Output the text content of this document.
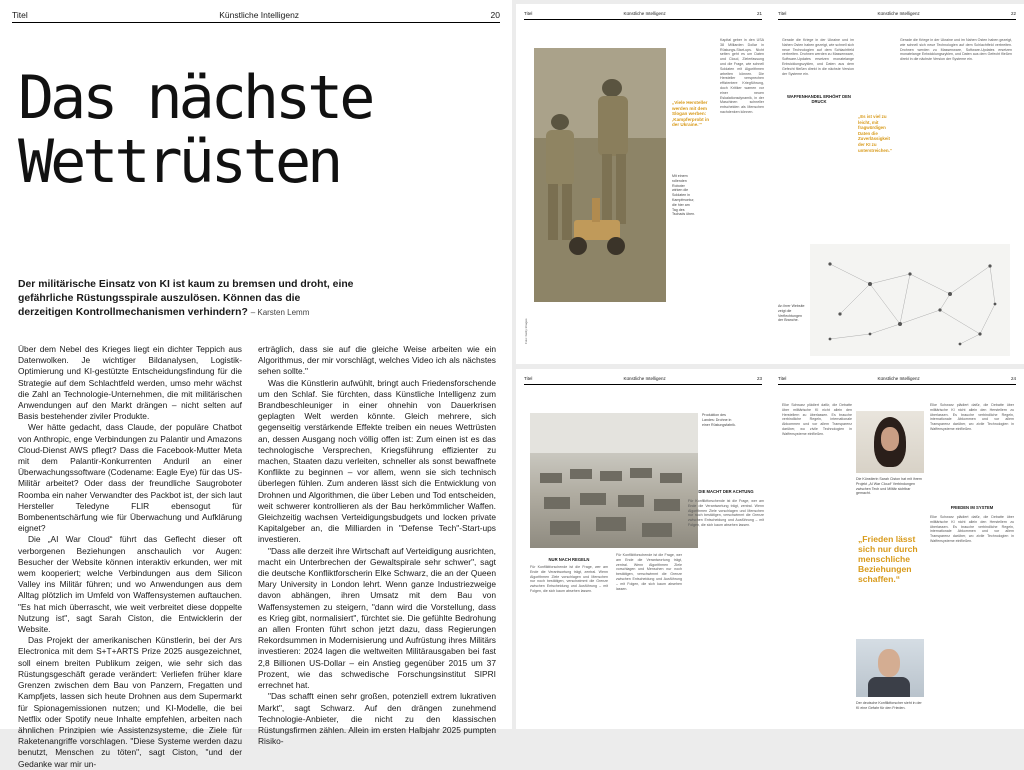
Titel	Künstliche Intelligenz	20
Das nächste
Wettrüsten
Der militärische Einsatz von KI ist kaum zu bremsen und droht, eine gefährliche Rüstungsspirale auszulösen. Können das die derzeitigen Kontrollmechanismen verhindern? – Karsten Lemm

Über dem Nebel des Krieges liegt ein dichter Teppich aus Datenwolken. Je wichtiger Bildanalysen, Logistik-Optimierung und KI-gestützte Entscheidungsfindung für die Strategie auf dem Schlachtfeld werden, umso mehr wächst die Zahl an Technologie-Unternehmen, die mit militärischen Anwendungen auf den Markt drängen – nicht selten auf Basis bestehender ziviler Produkte.

Wer hätte gedacht, dass Claude, der populäre Chatbot von Anthropic, enge Verbindungen zu Palantir und Amazons Cloud-Dienst AWS pflegt? Dass die Facebook-Mutter Meta mit dem Palantir-Konkurrenten Anduril an einer Überwachungssoftware (Codename: Eagle Eye) für das US-Militär arbeitet? Oder dass der freundliche Saugroboter Roomba ein naher Verwandter des Packbot ist, der sich laut Hersteller Teledyne FLIR ebensogut für Bombenentschärfung wie für Überwachung und Aufklärung eignet?

Die „AI War Cloud“ führt das Geflecht dieser oft verborgenen Beziehungen anschaulich vor Augen: Besucher der Website können interaktiv erkunden, wer mit wem kooperiert; welche Verbindungen aus dem Silicon Valley ins Militär führen; und wo Anwendungen aus dem Alltag plötzlich im Umfeld von Waffensystemen auftauchen. "Es hat mich überrascht, wie weit verbreitet diese doppelte Nutzung ist", sagt Sarah Ciston, die Entwicklerin der Website.

Das Projekt der amerikanischen Künstlerin, bei der Ars Electronica mit dem S+T+ARTS Prize 2025 ausgezeichnet, soll einem breiten Publikum zeigen, wie sehr sich das Rüstungsgeschäft gerade verändert: Verliefen früher klare Grenzen zwischen dem Bau von Panzern, Fregatten und Kampfjets, lassen sich heute Drohnen aus dem Supermarkt für Spionagemissionen nutzen; und KI-Modelle, die bei Netflix oder Spotify neue Inhalte empfehlen, arbeiten nach ähnlichen Prinzipien wie Assistenzsysteme, die Ziele für Raketenangriffe vorschlagen. "Diese Systeme werden dazu benutzt, Menschen zu töten", sagt Ciston, "und der Gedanke war mir un-

erträglich, dass sie auf die gleiche Weise arbeiten wie ein Algorithmus, der mir vorschlägt, welches Video ich als nächstes sehen sollte."

Was die Künstlerin aufwühlt, bringt auch Friedensforschende um den Schlaf. Sie fürchten, dass Künstliche Intelligenz zum Brandbeschleuniger in einer ohnehin von Dauerkrisen geplagten Welt werden könnte. Gleich mehrere, sich gegenseitig verstärkende Effekte treiben ein neues Wettrüsten an, dessen Ausgang noch völlig offen ist: Zum einen ist es das technologische Versprechen, Kriegsführung effizienter zu machen, Staaten dazu verleiten, schneller als sonst bewaffnete Konflikte zu beginnen – vor allem, wenn sie sich technisch überlegen fühlen. Zum anderen lässt sich die Entwicklung von Drohnen und Algorithmen, die über Leben und Tod entscheiden, weit schwerer kontrollieren als der Bau herkömmlicher Waffen. Gleichzeitig wachsen Verteidigungsbudgets und locken private Kapitalgeber an, die Milliarden in "Defense Tech"-Start-ups investieren.

"Dass alle derzeit ihre Wirtschaft auf Verteidigung ausrichten, macht ein Unterbrechen der Gewaltspirale sehr schwer", sagt die deutsche Konfliktforscherin Elke Schwarz, die an der Queen Mary University in London lehrt. Wenn ganze Industriezweige davon abhängen, ihren Umsatz mit dem Bau von Waffensystemen zu steigern, "dann wird die Vorstellung, dass es Krieg gibt, normalisiert", fürchtet sie. Die gefühlte Bedrohung an allen Fronten führt schon jetzt dazu, dass Regierungen Rekordsummen in Modernisierung und Aufrüstung ihres Militärs investieren: 2024 lagen die weltweiten Militärausgaben bei fast 2,8 Billionen US-Dollar – ein Anstieg gegenüber 2015 um 37 Prozent, wie das schwedische Forschungsinstitut SIPRI errechnet hat.

"Das schafft einen sehr großen, potenziell extrem lukrativen Markt", sagt Schwarz. Auf den drängen zunehmend Technologie-Anbieter, die nicht zu den klassischen Rüstungsfirmen zählen. Allein im ersten Halbjahr 2025 pumpten Risiko-

Titel	Künstliche Intelligenz	21
Mit einem rollenden Roboter wirken die Soldaten in Kampfmontur, die hier am Tag des Tschads üben.
„Viele Hersteller werden mit dem Slogan werben: ‚Kampferprobt in der Ukraine.‘“
Foto: Getty Images
Kapital geber in den USA 38 Milliarden Dollar in Rüstungs-Start-ups. Nicht selten geht es um Daten und Cloud, Zielerfassung und die Frage, wie schnell Soldaten mit Algorithmen arbeiten können. Die Hersteller versprechen effizientere Kriegführung, doch Kritiker warnen vor einer neuen Eskalationsdynamik, in der Maschinen schneller entscheiden als Menschen nachdenken können.
Titel	Künstliche Intelligenz	22
Gerade die Kriege in der Ukraine und im Nahen Osten haben gezeigt, wie schnell sich neue Technologien auf dem Schlachtfeld verbreiten. Drohnen werden zu Massenware, Software-Updates ersetzen monatelange Entwicklungszyklen, und Daten aus dem Gefecht fließen direkt in die nächste Version der Systeme ein.
„Es ist viel zu leicht, mit fragwürdigen Daten die Zuverlässigkeit der KI zu unterstreichen.“
WAFFENHANDEL ERHÖHT DEN DRUCK
Gerade die Kriege in der Ukraine und im Nahen Osten haben gezeigt, wie schnell sich neue Technologien auf dem Schlachtfeld verbreiten. Drohnen werden zu Massenware, Software-Updates ersetzen monatelange Entwicklungszyklen, und Daten aus dem Gefecht fließen direkt in die nächste Version der Systeme ein.
An ihrer Website zeigt die Verflechtungen der Branche.
Titel	Künstliche Intelligenz	23
Produktion des Landes: Drohne in einer Rüstungsfabrik.
NUR NACH REGELN
Für Konfliktforschende ist die Frage, wer am Ende die Verantwortung trägt, zentral. Wenn Algorithmen Ziele vorschlagen und Menschen nur noch bestätigen, verschwimmt die Grenze zwischen Entscheidung und Ausführung – mit Folgen, die sich kaum absehen lassen.
Für Konfliktforschende ist die Frage, wer am Ende die Verantwortung trägt, zentral. Wenn Algorithmen Ziele vorschlagen und Menschen nur noch bestätigen, verschwimmt die Grenze zwischen Entscheidung und Ausführung – mit Folgen, die sich kaum absehen lassen.
DIE MACHT DER ACHTUNG
Für Konfliktforschende ist die Frage, wer am Ende die Verantwortung trägt, zentral. Wenn Algorithmen Ziele vorschlagen und Menschen nur noch bestätigen, verschwimmt die Grenze zwischen Entscheidung und Ausführung – mit Folgen, die sich kaum absehen lassen.
Titel	Künstliche Intelligenz	24
Elke Schwarz plädiert dafür, die Debatte über militärische KI nicht allein den Herstellern zu überlassen. Es brauche verbindliche Regeln, internationale Abkommen und vor allem Transparenz darüber, wo zivile Technologien in Waffensysteme einfließen.
Die Künstlerin Sarah Ciston hat mit ihrem Projekt „AI War Cloud“ Verbindungen zwischen Tech und Militär sichtbar gemacht.
„Frieden lässt sich nur durch menschliche Beziehungen schaffen.“
Der deutsche Konfliktforscher sieht in der KI eine Gefahr für den Frieden.
FRIEDEN IM SYSTEM
Elke Schwarz plädiert dafür, die Debatte über militärische KI nicht allein den Herstellern zu überlassen. Es brauche verbindliche Regeln, internationale Abkommen und vor allem Transparenz darüber, wo zivile Technologien in Waffensysteme einfließen.
Elke Schwarz plädiert dafür, die Debatte über militärische KI nicht allein den Herstellern zu überlassen. Es brauche verbindliche Regeln, internationale Abkommen und vor allem Transparenz darüber, wo zivile Technologien in Waffensysteme einfließen.
